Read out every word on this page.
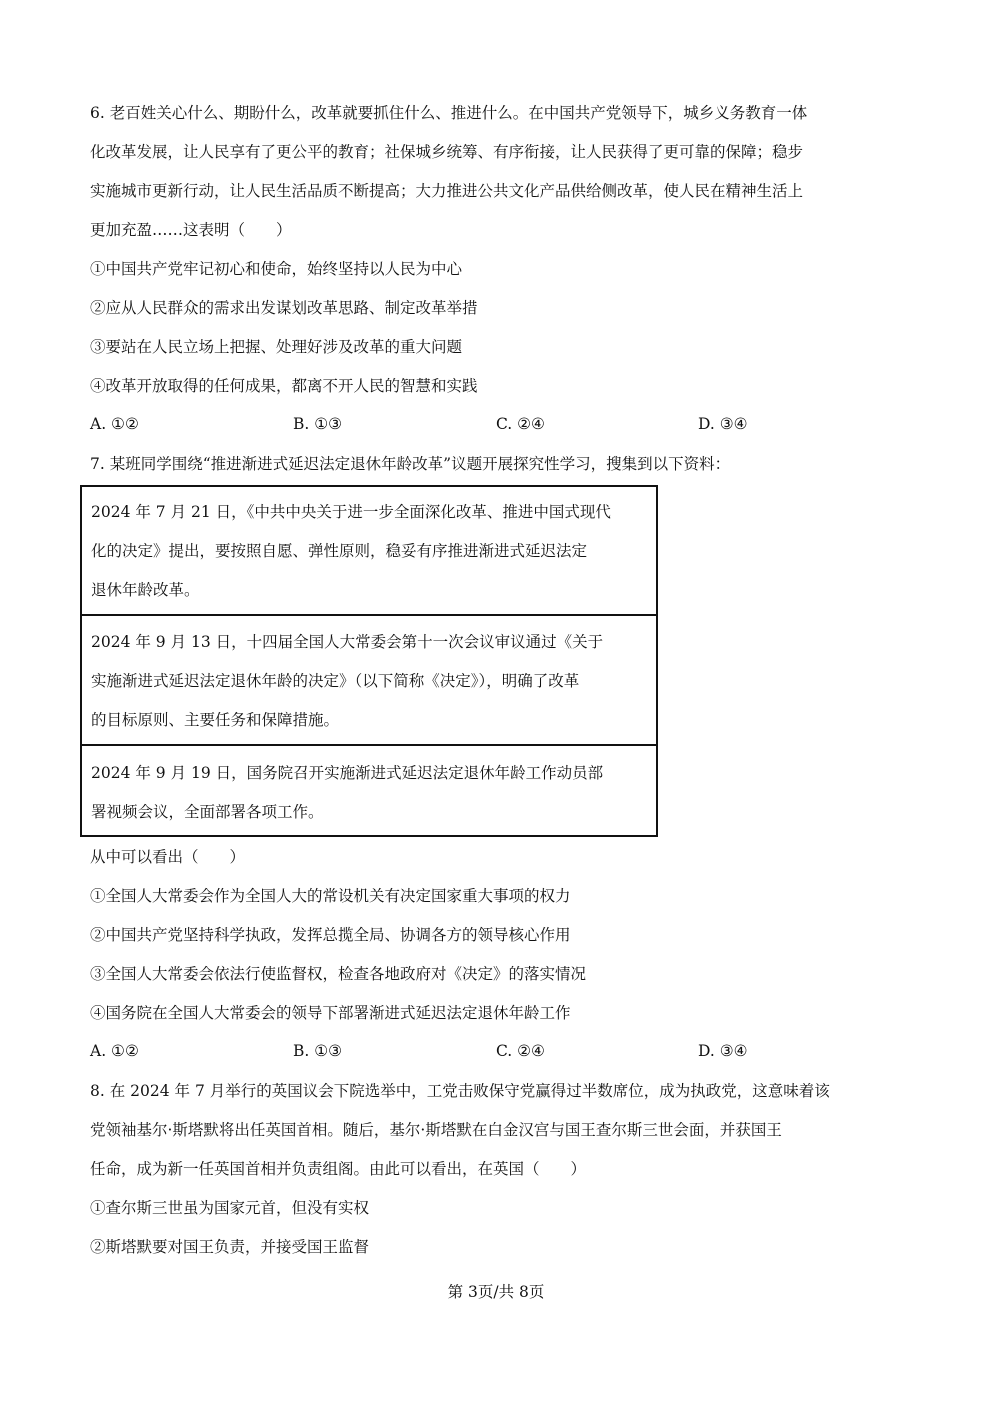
6. 老百姓关心什么、期盼什么，改革就要抓住什么、推进什么。在中国共产党领导下，城乡义务教育一体
化改革发展，让人民享有了更公平的教育；社保城乡统筹、有序衔接，让人民获得了更可靠的保障；稳步
实施城市更新行动，让人民生活品质不断提高；大力推进公共文化产品供给侧改革，使人民在精神生活上
更加充盈……这表明（　　）
①中国共产党牢记初心和使命，始终坚持以人民为中心
②应从人民群众的需求出发谋划改革思路、制定改革举措
③要站在人民立场上把握、处理好涉及改革的重大问题
④改革开放取得的任何成果，都离不开人民的智慧和实践
A. ①②	B. ①③	C. ②④	D. ③④
7. 某班同学围绕“推进渐进式延迟法定退休年龄改革”议题开展探究性学习，搜集到以下资料：
2024 年 7 月 21 日，《中共中央关于进一步全面深化改革、推进中国式现代
化的决定》提出，要按照自愿、弹性原则，稳妥有序推进渐进式延迟法定
退休年龄改革。
2024 年 9 月 13 日，十四届全国人大常委会第十一次会议审议通过《关于
实施渐进式延迟法定退休年龄的决定》（以下简称《决定》），明确了改革
的目标原则、主要任务和保障措施。
2024 年 9 月 19 日，国务院召开实施渐进式延迟法定退休年龄工作动员部
署视频会议，全面部署各项工作。
从中可以看出（　　）
①全国人大常委会作为全国人大的常设机关有决定国家重大事项的权力
②中国共产党坚持科学执政，发挥总揽全局、协调各方的领导核心作用
③全国人大常委会依法行使监督权，检查各地政府对《决定》的落实情况
④国务院在全国人大常委会的领导下部署渐进式延迟法定退休年龄工作
A. ①②	B. ①③	C. ②④	D. ③④
8. 在 2024 年 7 月举行的英国议会下院选举中，工党击败保守党赢得过半数席位，成为执政党，这意味着该
党领袖基尔·斯塔默将出任英国首相。随后，基尔·斯塔默在白金汉宫与国王查尔斯三世会面，并获国王
任命，成为新一任英国首相并负责组阁。由此可以看出，在英国（　　）
①查尔斯三世虽为国家元首，但没有实权
②斯塔默要对国王负责，并接受国王监督
第 3页/共 8页
